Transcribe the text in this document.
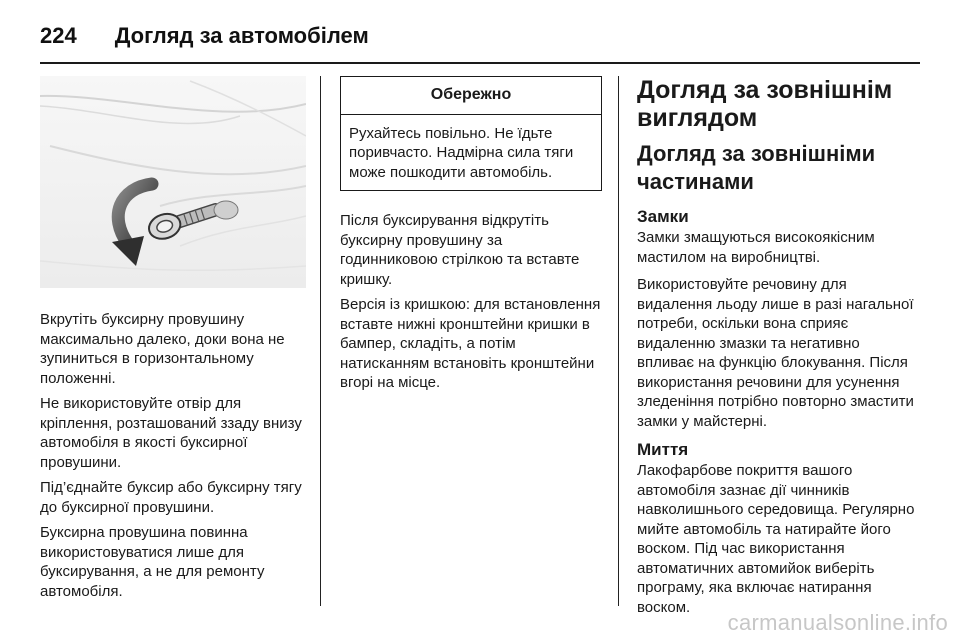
224 Догляд за автомобілем

Вкрутіть буксирну провушину максимально далеко, доки вона не зупиниться в горизонтальному положенні.

Не використовуйте отвір для кріплення, розташований ззаду внизу автомобіля в якості буксирної провушини.

Під’єднайте буксир або буксирну тягу до буксирної провушини.

Буксирна провушина повинна використовуватися лише для буксирування, а не для ремонту автомобіля.

Обережно
Рухайтесь повільно. Не їдьте поривчасто. Надмірна сила тяги може пошкодити автомобіль.

Після буксирування відкрутіть буксирну провушину за годинниковою стрілкою та вставте кришку.

Версія із кришкою: для встановлення вставте нижні кронштейни кришки в бампер, складіть, а потім натисканням встановіть кронштейни вгорі на місце.

Догляд за зовнішнім виглядом
Догляд за зовнішніми частинами
Замки

Замки змащуються високоякісним мастилом на виробництві.

Використовуйте речовину для видалення льоду лише в разі нагальної потреби, оскільки вона сприяє видаленню змазки та негативно впливає на функцію блокування. Після використання речовини для усунення зледеніння потрібно повторно змастити замки у майстерні.

Миття

Лакофарбове покриття вашого автомобіля зазнає дії чинників навколишнього середовища. Регулярно мийте автомобіль та натирайте його воском. Під час використання автоматичних автомийок виберіть програму, яка включає натирання воском.

carmanualsonline.info
